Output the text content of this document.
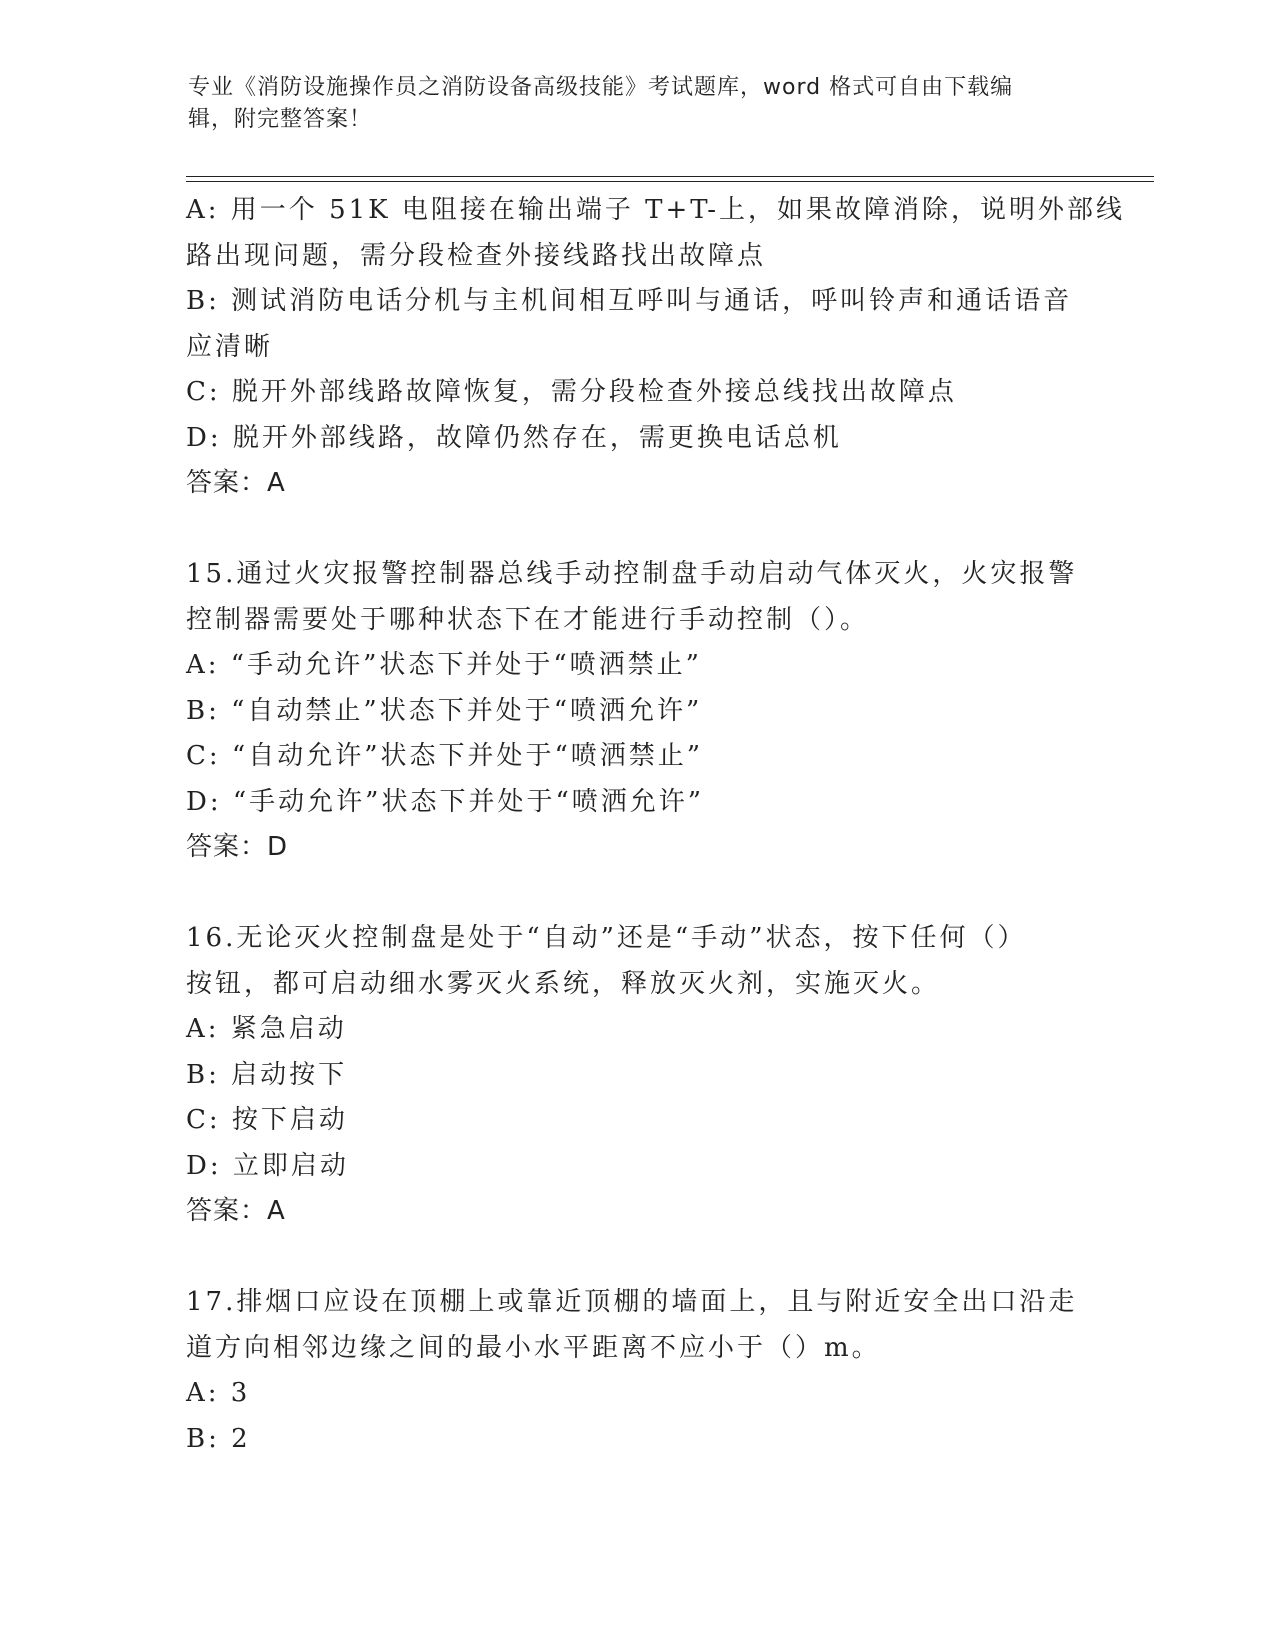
专业《消防设施操作员之消防设备高级技能》考试题库，word 格式可自由下载编
辑，附完整答案！
A: 用一个 51K 电阻接在输出端子 T+T-上，如果故障消除，说明外部线
路出现问题，需分段检查外接线路找出故障点
B: 测试消防电话分机与主机间相互呼叫与通话，呼叫铃声和通话语音
应清晰
C: 脱开外部线路故障恢复，需分段检查外接总线找出故障点
D: 脱开外部线路，故障仍然存在，需更换电话总机
答案：A
15.通过火灾报警控制器总线手动控制盘手动启动气体灭火，火灾报警
控制器需要处于哪种状态下在才能进行手动控制（）。
A: “手动允许”状态下并处于“喷洒禁止”
B: “自动禁止”状态下并处于“喷洒允许”
C: “自动允许”状态下并处于“喷洒禁止”
D: “手动允许”状态下并处于“喷洒允许”
答案：D
16.无论灭火控制盘是处于“自动”还是“手动”状态，按下任何（）
按钮，都可启动细水雾灭火系统，释放灭火剂，实施灭火。
A: 紧急启动
B: 启动按下
C: 按下启动
D: 立即启动
答案：A
17.排烟口应设在顶棚上或靠近顶棚的墙面上，且与附近安全出口沿走
道方向相邻边缘之间的最小水平距离不应小于（）m。
A: 3
B: 2
